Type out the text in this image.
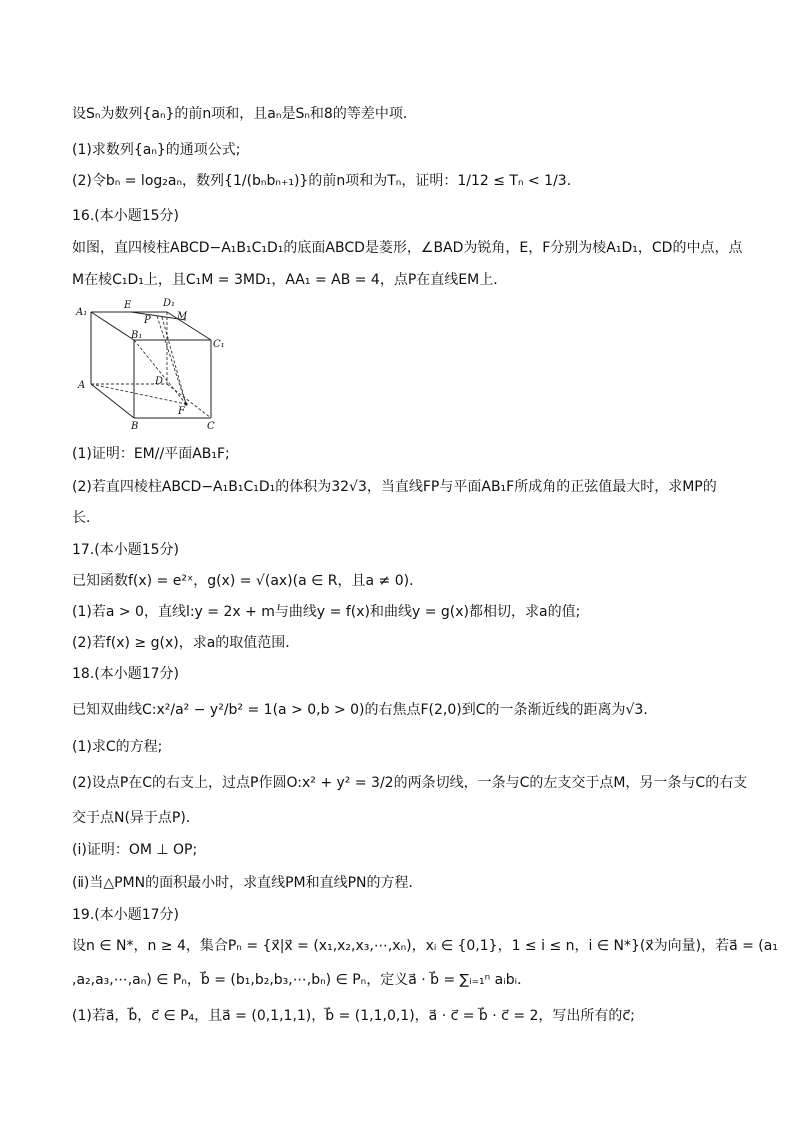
设Sₙ为数列{aₙ}的前n项和，且aₙ是Sₙ和8的等差中项．
(1)求数列{aₙ}的通项公式;
(2)令bₙ = log₂aₙ，数列{1/(bₙbₙ₊₁)}的前n项和为Tₙ，证明：1/12 ≤ Tₙ < 1/3．
16.(本小题15分)
如图，直四棱柱ABCD−A₁B₁C₁D₁的底面ABCD是菱形，∠BAD为锐角，E，F分别为棱A₁D₁，CD的中点，点
M在棱C₁D₁上，且C₁M = 3MD₁，AA₁ = AB = 4，点P在直线EM上．
A₁
E	D₁
P	M
B₁
C₁
A	D
F
B	C
(1)证明：EM//平面AB₁F;
(2)若直四棱柱ABCD−A₁B₁C₁D₁的体积为32√3，当直线FP与平面AB₁F所成角的正弦值最大时，求MP的
长．
17.(本小题15分)
已知函数f(x) = e²ˣ，g(x) = √(ax)(a ∈ R，且a ≠ 0)．
(1)若a > 0，直线l:y = 2x + m与曲线y = f(x)和曲线y = g(x)都相切，求a的值;
(2)若f(x) ≥ g(x)，求a的取值范围．
18.(本小题17分)
已知双曲线C:x²/a² − y²/b² = 1(a > 0,b > 0)的右焦点F(2,0)到C的一条渐近线的距离为√3．
(1)求C的方程;
(2)设点P在C的右支上，过点P作圆O:x² + y² = 3/2的两条切线，一条与C的左支交于点M，另一条与C的右支
交于点N(异于点P)．
(ⅰ)证明：OM ⊥ OP;
(ⅱ)当△PMN的面积最小时，求直线PM和直线PN的方程．
19.(本小题17分)
设n ∈ N*，n ≥ 4，集合Pₙ = {x⃗|x⃗ = (x₁,x₂,x₃,⋯,xₙ)，xᵢ ∈ {0,1}，1 ≤ i ≤ n，i ∈ N*}(x⃗为向量)，若a⃗ = (a₁
,a₂,a₃,⋯,aₙ) ∈ Pₙ，b⃗ = (b₁,b₂,b₃,⋯,bₙ) ∈ Pₙ，定义a⃗ · b⃗ = ∑ᵢ₌₁ⁿ aᵢbᵢ．
(1)若a⃗，b⃗，c⃗ ∈ P₄，且a⃗ = (0,1,1,1)，b⃗ = (1,1,0,1)，a⃗ · c⃗ = b⃗ · c⃗ = 2，写出所有的c⃗;
